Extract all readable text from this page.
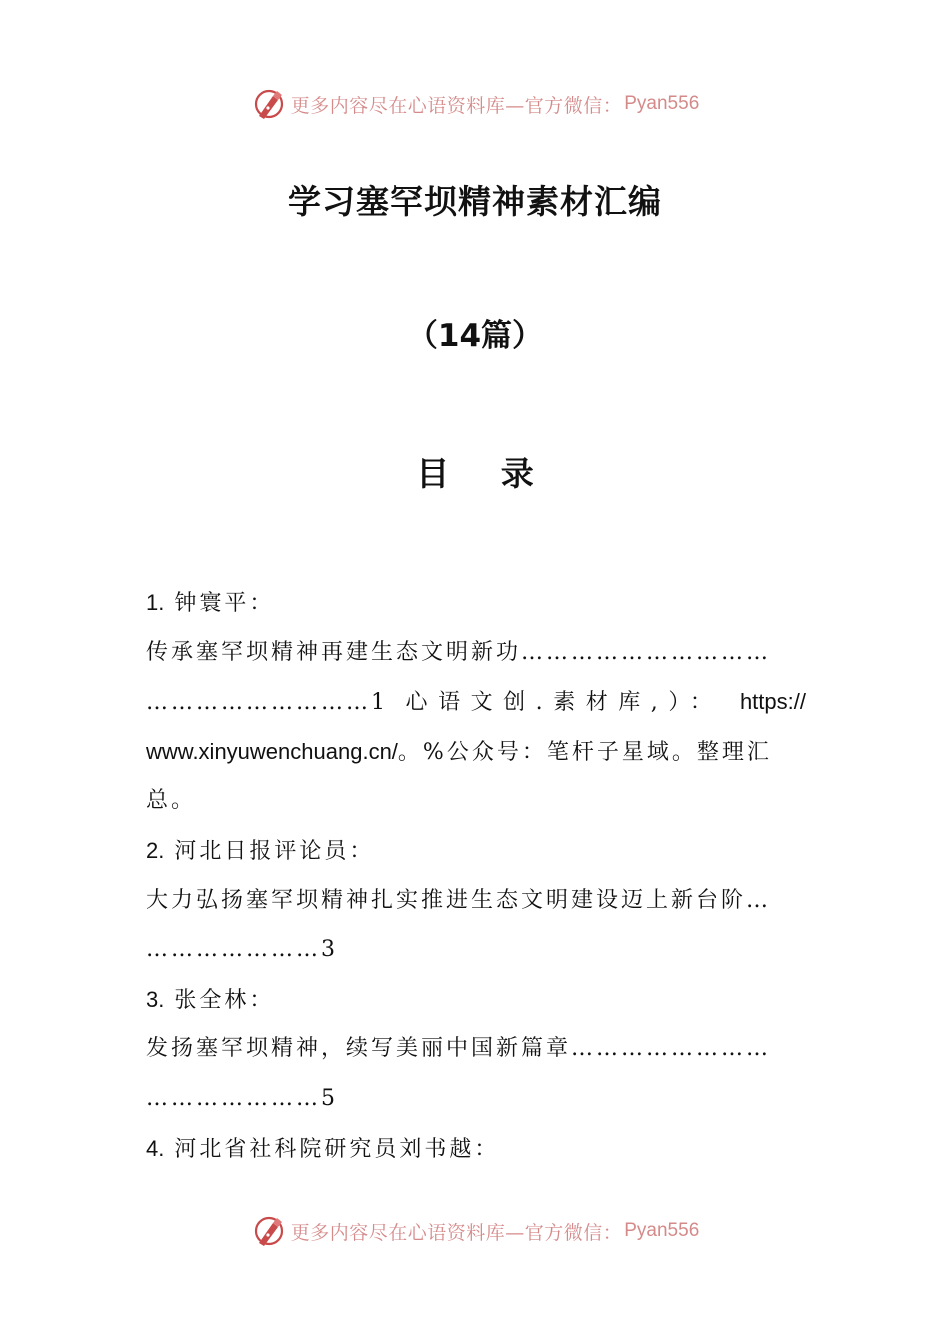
更多内容尽在心语资料库—官方微信： Pyan556
学习塞罕坝精神素材汇编
（14篇）
目 录
1. 钟寰平：
传承塞罕坝精神再建生态文明新功…………………………
………………………1 心语文创.素材库,）： https://
www.xinyuwenchuang.cn/。%公众号：笔杆子星域。整理汇
总。
2. 河北日报评论员：
大力弘扬塞罕坝精神扎实推进生态文明建设迈上新台阶…
…………………3
3. 张全林：
发扬塞罕坝精神，续写美丽中国新篇章……………………
…………………5
4. 河北省社科院研究员刘书越：
更多内容尽在心语资料库—官方微信： Pyan556
